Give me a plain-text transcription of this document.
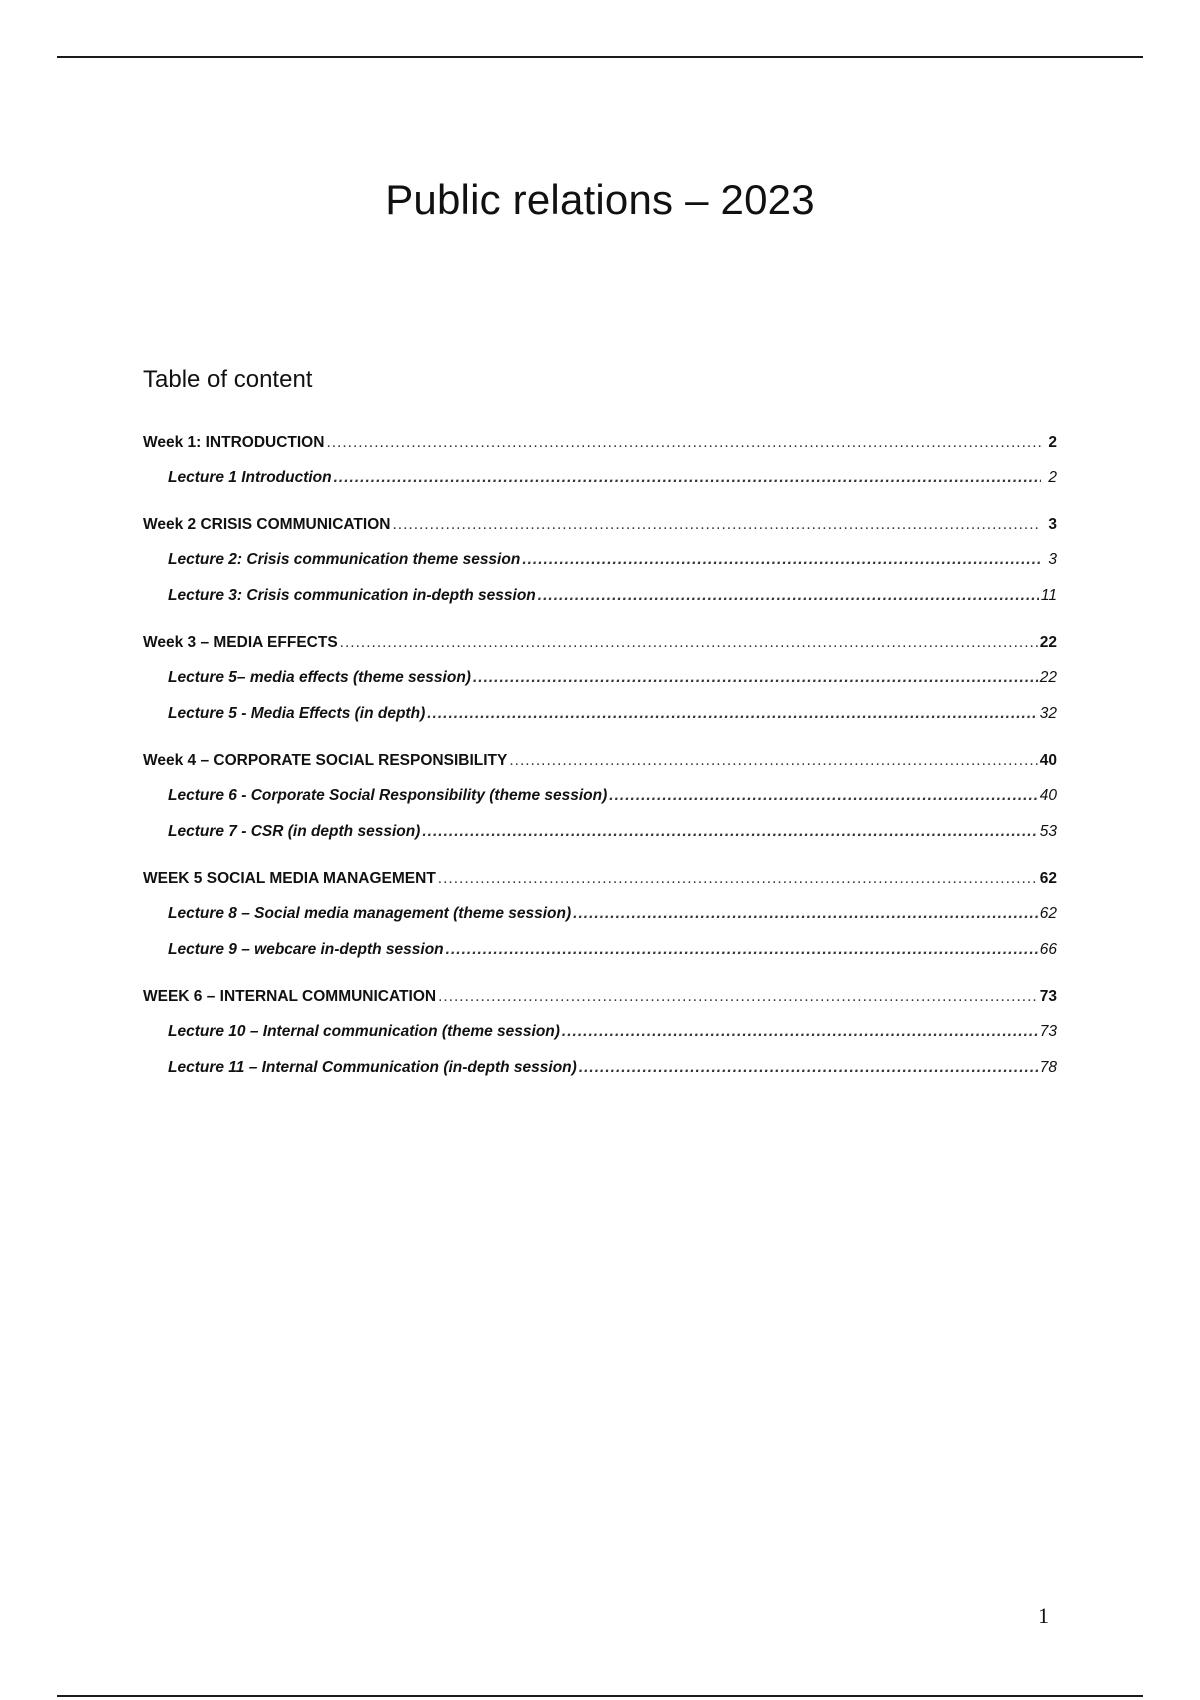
Public relations – 2023
Table of content
Week 1: INTRODUCTION .....	2
Lecture 1 Introduction .....	2
Week 2 CRISIS COMMUNICATION .....	3
Lecture 2: Crisis communication theme session .....	3
Lecture 3: Crisis communication in-depth session .....	11
Week 3 – MEDIA EFFECTS .....	22
Lecture 5– media effects (theme session) .....	22
Lecture 5 - Media Effects (in depth) .....	32
Week 4 – CORPORATE SOCIAL RESPONSIBILITY .....	40
Lecture 6 - Corporate Social Responsibility (theme session) .....	40
Lecture 7 - CSR (in depth session) .....	53
WEEK 5 SOCIAL MEDIA MANAGEMENT .....	62
Lecture 8 – Social media management (theme session) .....	62
Lecture 9 – webcare in-depth session .....	66
WEEK 6 – INTERNAL COMMUNICATION .....	73
Lecture 10 – Internal communication (theme session) .....	73
Lecture 11 – Internal Communication (in-depth session) .....	78
1
